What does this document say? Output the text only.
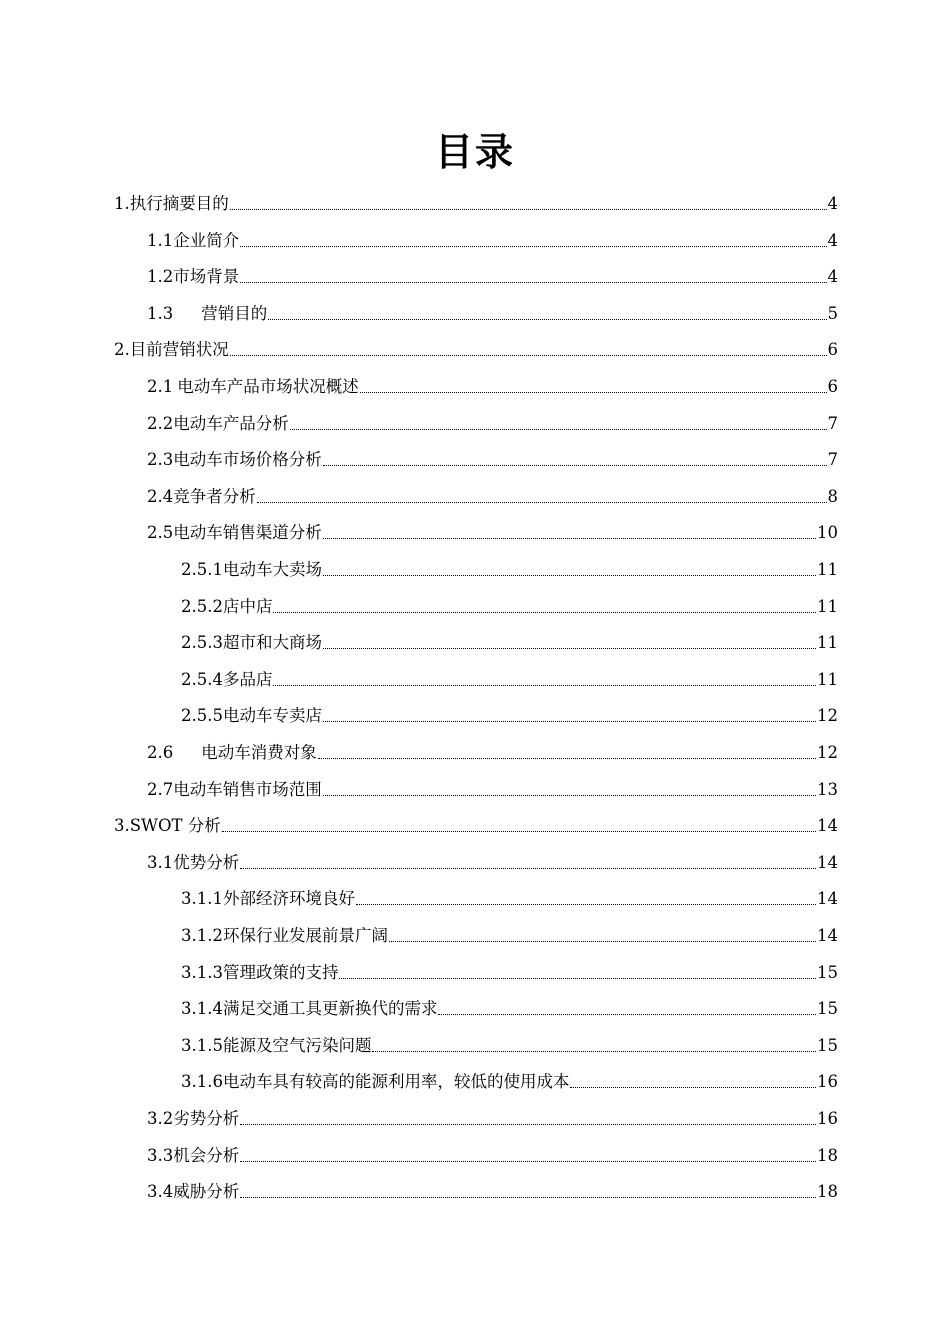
目录
1. 执行摘要目的	4
1.1 企业简介	4
1.2 市场背景	4
1.3 营销目的	5
2. 目前营销状况	6
2.1 电动车产品市场状况概述	6
2.2 电动车产品分析	7
2.3 电动车市场价格分析	7
2.4 竞争者分析	8
2.5 电动车销售渠道分析	10
2.5.1 电动车大卖场	11
2.5.2 店中店	11
2.5.3 超市和大商场	11
2.5.4 多品店	11
2.5.5 电动车专卖店	12
2.6 电动车消费对象	12
2.7 电动车销售市场范围	13
3. SWOT 分析	14
3.1 优势分析	14
3.1.1 外部经济环境良好	14
3.1.2 环保行业发展前景广阔	14
3.1.3 管理政策的支持	15
3.1.4 满足交通工具更新换代的需求	15
3.1.5 能源及空气污染问题	15
3.1.6 电动车具有较高的能源利用率，较低的使用成本	16
3.2 劣势分析	16
3.3 机会分析	18
3.4 威胁分析	18
